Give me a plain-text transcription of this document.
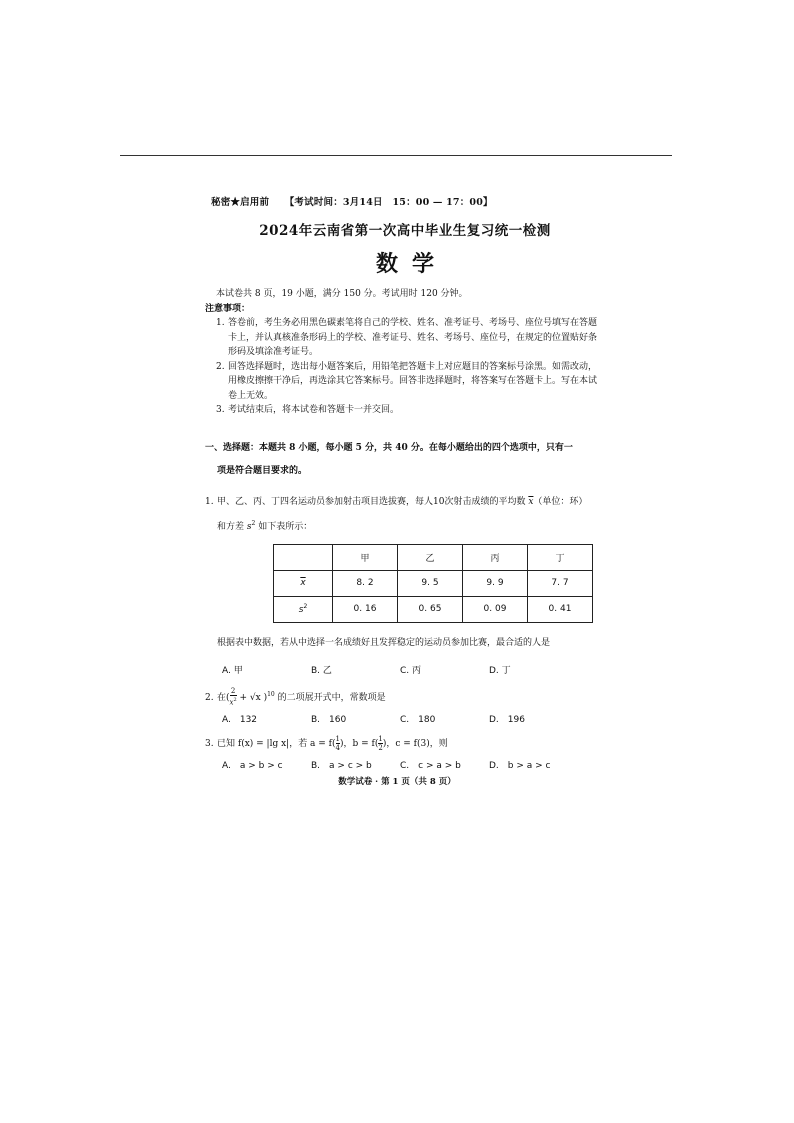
秘密★启用前 【考试时间：3月14日　15：00 — 17：00】
2024年云南省第一次高中毕业生复习统一检测
数学
本试卷共 8 页，19 小题，满分 150 分。考试用时 120 分钟。
注意事项：
1. 答卷前，考生务必用黑色碳素笔将自己的学校、姓名、准考证号、考场号、座位号填写在答题卡上，并认真核准条形码上的学校、准考证号、姓名、考场号、座位号，在规定的位置贴好条形码及填涂准考证号。
2. 回答选择题时，选出每小题答案后，用铅笔把答题卡上对应题目的答案标号涂黑。如需改动，用橡皮擦擦干净后，再选涂其它答案标号。回答非选择题时，将答案写在答题卡上。写在本试卷上无效。
3. 考试结束后，将本试卷和答题卡一并交回。
一、选择题：本题共 8 小题，每小题 5 分，共 40 分。在每小题给出的四个选项中，只有一
项是符合题目要求的。
1. 甲、乙、丙、丁四名运动员参加射击项目选拔赛，每人10次射击成绩的平均数 $\overline{x}$（单位：环）
和方差 $s^2$ 如下表所示：
	甲	乙	丙	丁
$\overline{x}$	8. 2	9. 5	9. 9	7. 7
$s^2$	0. 16	0. 65	0. 09	0. 41
根据表中数据，若从中选择一名成绩好且发挥稳定的运动员参加比赛，最合适的人是
A. 甲	B. 乙	C. 丙	D. 丁
2. 在( $\frac{2}{x^2} + √x$ )$^{10}$ 的二项展开式中，常数项是
A.　132	B.　160	C.　180	D.　196
3. 已知 f(x) = |lg x|，若 $a = f( \frac{1}{4}$ )，$b = f( \frac{1}{2}$ )，c = f(3)，则
A.　a > b > c	B.　a > c > b	C.　c > a > b	D.　b > a > c
数学试卷 · 第 1 页（共 8 页）
